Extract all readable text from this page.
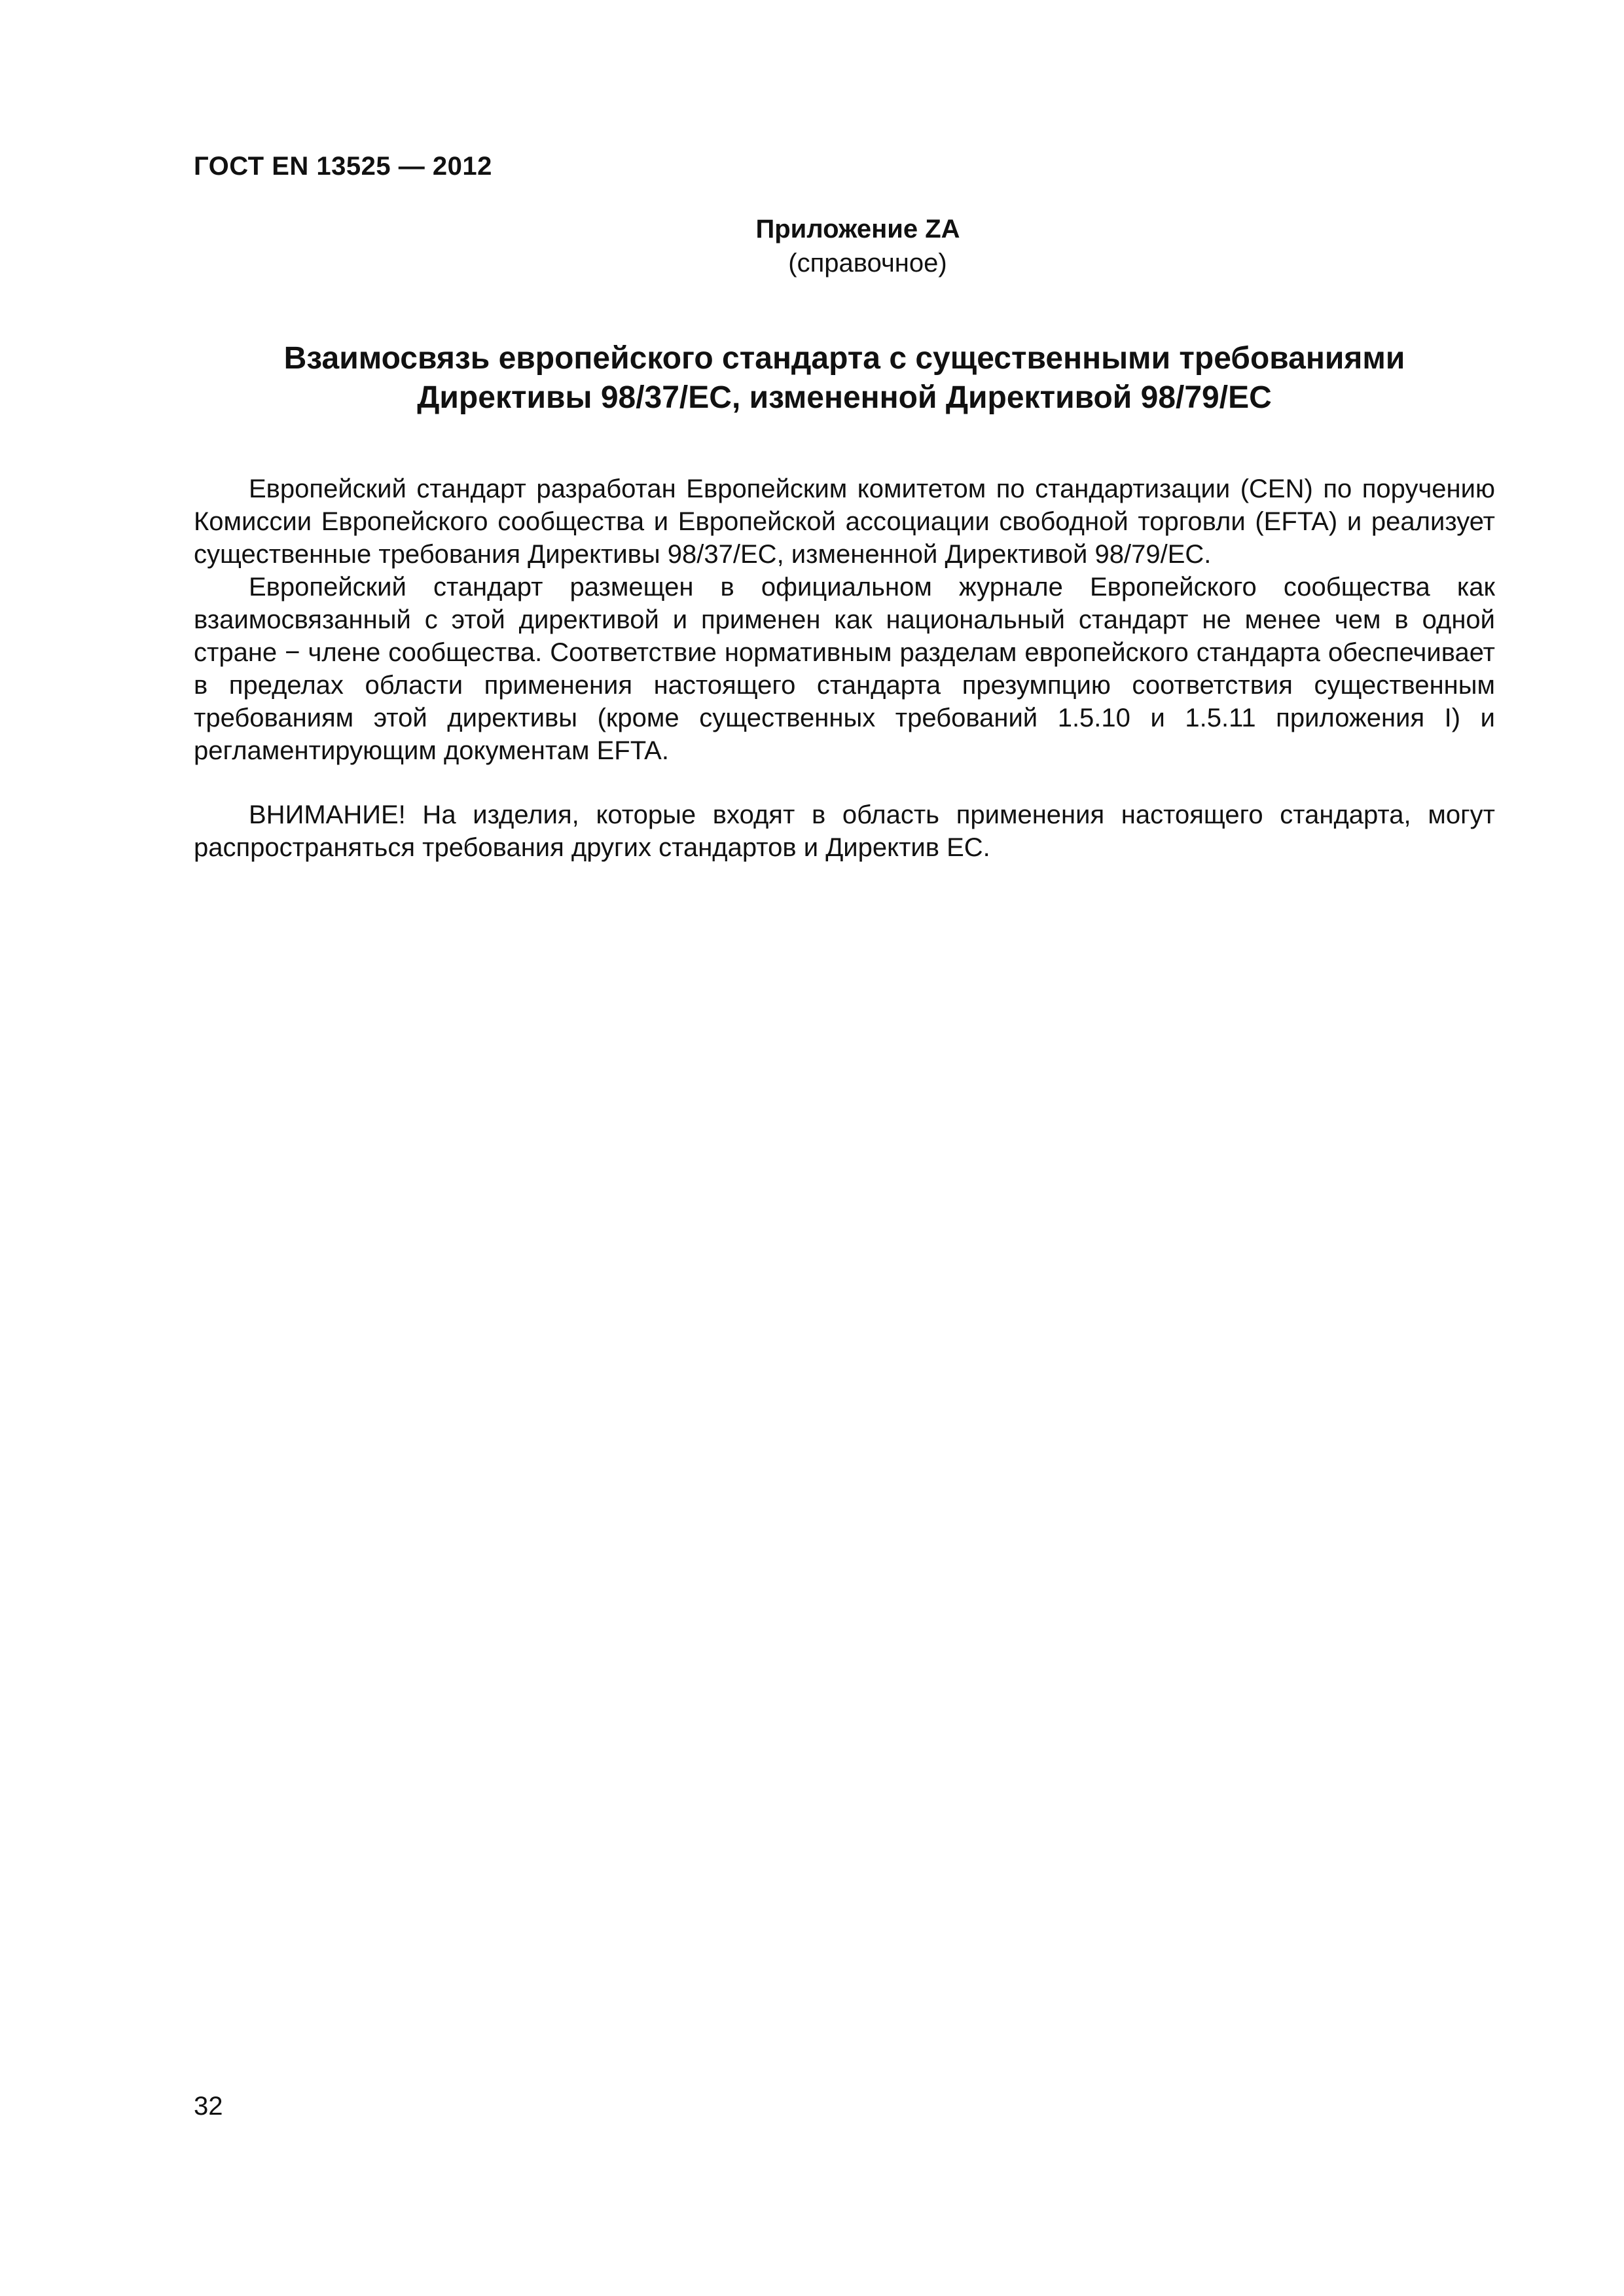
ГОСТ EN 13525 — 2012
Приложение ZA
(справочное)
Взаимосвязь европейского стандарта с существенными требованиями
Директивы 98/37/ЕС, измененной Директивой 98/79/ЕС

Европейский стандарт разработан Европейским комитетом по стандартизации (CEN) по поручению Комиссии Европейского сообщества и Европейской ассоциации свободной торговли (EFTA) и реализует существенные требования Директивы 98/37/ЕС, измененной Директивой 98/79/ЕС.

Европейский стандарт размещен в официальном журнале Европейского сообщества как взаимосвязанный с этой директивой и применен как национальный стандарт не менее чем в одной стране − члене сообщества. Соответствие нормативным разделам европейского стандарта обеспечивает в пределах области применения настоящего стандарта презумпцию соответствия существенным требованиям этой директивы (кроме существенных требований 1.5.10 и 1.5.11 приложения I) и регламентирующим документам EFTA.

ВНИМАНИЕ! На изделия, которые входят в область применения настоящего стандарта, могут распространяться требования других стандартов и Директив ЕС.

32
